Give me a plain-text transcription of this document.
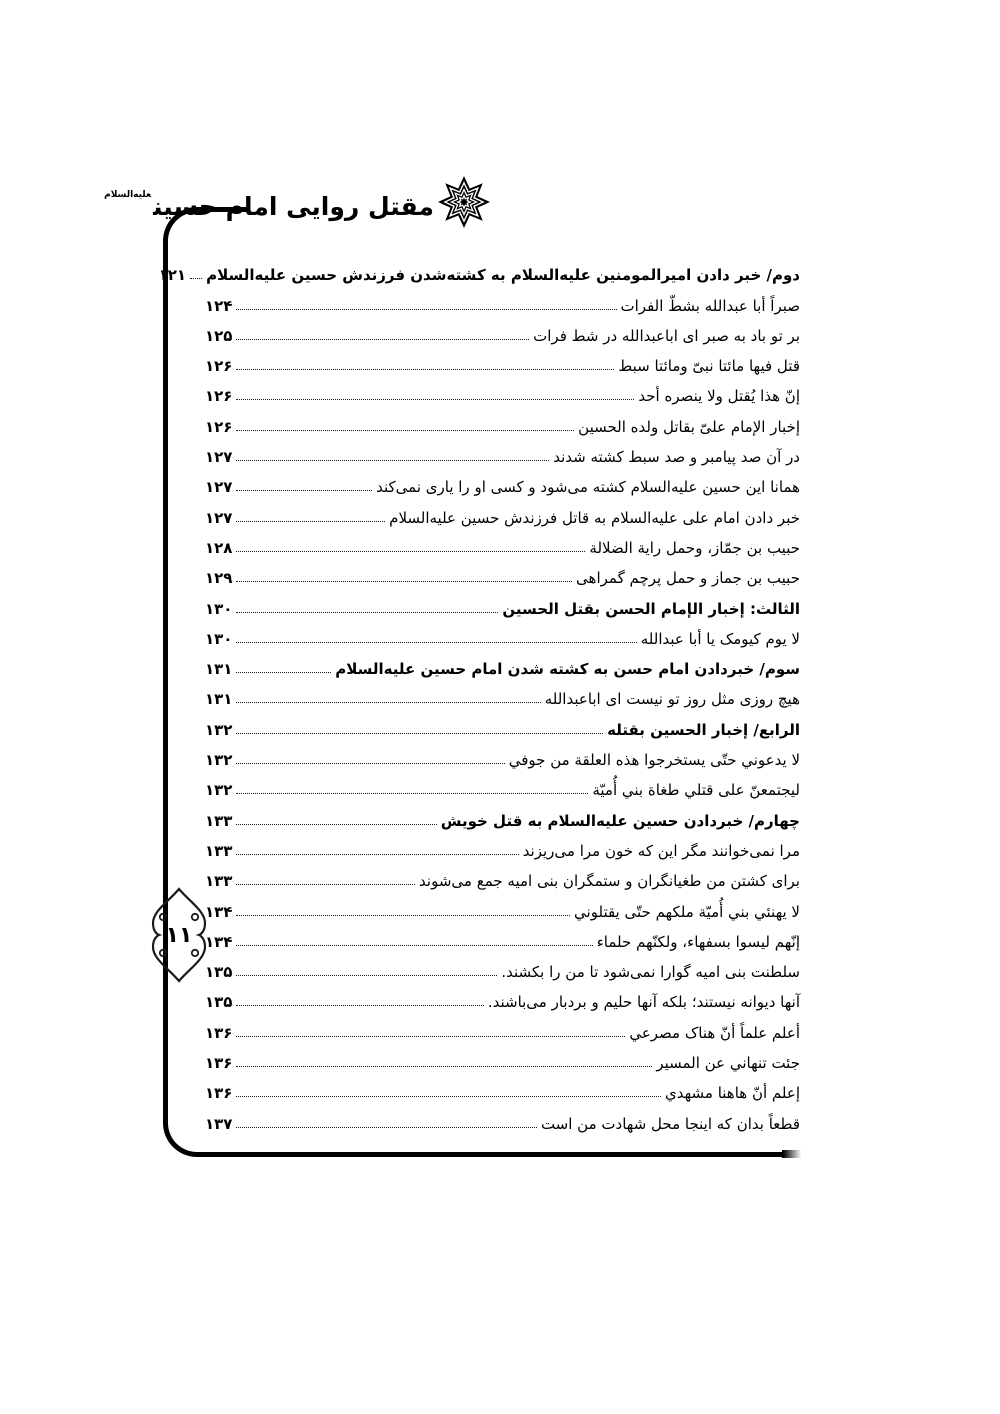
مقتل روایی امام حسین$^{علیه‌السلام}$
۱۱
دوم/ خبر دادن امیرالمومنین علیه‌السلام به کشته‌شدن فرزندش حسین علیه‌السلام
۱۲۱
صبراً أبا عبدالله بشطّ الفرات
۱۲۴
بر تو باد به صبر ای اباعبدالله در شط فرات
۱۲۵
قتل فیها مائتا نبیّ ومائتا سبط
۱۲۶
إنّ هذا یُقتل ولا ینصره أحد
۱۲۶
إخبار الإمام علیّ بقاتل ولده الحسین
۱۲۶
در آن صد پیامبر و صد سبط کشته شدند
۱۲۷
همانا این حسین علیه‌السلام کشته می‌شود و کسی او را یاری نمی‌کند
۱۲۷
خبر دادن امام علی علیه‌السلام به قاتل فرزندش حسین علیه‌السلام
۱۲۷
حبیب بن جمّاز، وحمل رایة الضلالة
۱۲۸
حبیب بن جماز و حمل پرچم گمراهی
۱۲۹
الثالث: إخبار الإمام الحسن بقتل الحسین
۱۳۰
لا یوم کیومک یا أبا عبدالله
۱۳۰
سوم/ خبردادن امام حسن به کشته شدن امام حسین علیه‌السلام
۱۳۱
هیچ روزی مثل روز تو نیست ای اباعبدالله
۱۳۱
الرابع/ إخبار الحسین بقتله
۱۳۲
لا یدعوني حتّی یستخرجوا هذه العلقة من جوفي
۱۳۲
لیجتمعنّ علی قتلي طغاة بني أُمیّة
۱۳۲
چهارم/ خبردادن حسین علیه‌السلام به قتل خویش
۱۳۳
مرا نمی‌خوانند مگر این که خون مرا می‌ریزند
۱۳۳
برای کشتن من طغیانگران و ستمگران بنی امیه جمع می‌شوند
۱۳۳
لا یهنئي بني أُمیّة ملکهم حتّی یقتلوني
۱۳۴
إنّهم لیسوا بسفهاء، ولکنّهم حلماء
۱۳۴
سلطنت بنی امیه گوارا نمی‌شود تا من را بکشند.
۱۳۵
آنها دیوانه نیستند؛ بلکه آنها حلیم و بردبار می‌باشند.
۱۳۵
أعلم علماً أنّ هناک مصرعي
۱۳۶
جئت تنهاني عن المسیر
۱۳۶
إعلم أنّ هاهنا مشهدي
۱۳۶
قطعاً بدان که اینجا محل شهادت من است
۱۳۷
